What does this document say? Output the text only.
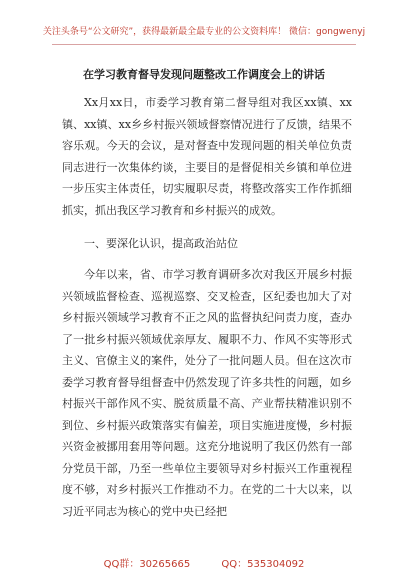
关注头条号“公文研究”，获得最新最全最专业的公文资料库！ 微信：gongwenyj
在学习教育督导发现问题整改工作调度会上的讲话

Xx月xx日，市委学习教育第二督导组对我区xx镇、xx镇、xx镇、xx乡乡村振兴领域督察情况进行了反馈，结果不容乐观。今天的会议，是对督查中发现问题的相关单位负责同志进行一次集体约谈，主要目的是督促相关乡镇和单位进一步压实主体责任，切实履职尽责，将整改落实工作作抓细抓实，抓出我区学习教育和乡村振兴的成效。

一、要深化认识，提高政治站位

今年以来，省、市学习教育调研多次对我区开展乡村振兴领域监督检查、巡视巡察、交叉检查，区纪委也加大了对乡村振兴领域学习教育不正之风的监督执纪问责力度，查办了一批乡村振兴领域优亲厚友、履职不力、作风不实等形式主义、官僚主义的案件，处分了一批问题人员。但在这次市委学习教育督导组督查中仍然发现了许多共性的问题，如乡村振兴干部作风不实、脱贫质量不高、产业帮扶精准识别不到位、乡村振兴政策落实有偏差，项目实施进度慢，乡村振兴资金被挪用套用等问题。这充分地说明了我区仍然有一部分党员干部，乃至一些单位主要领导对乡村振兴工作重视程度不够，对乡村振兴工作推动不力。在党的二十大以来，以习近平同志为核心的党中央已经把

QQ群：30265665	QQ：535304092
